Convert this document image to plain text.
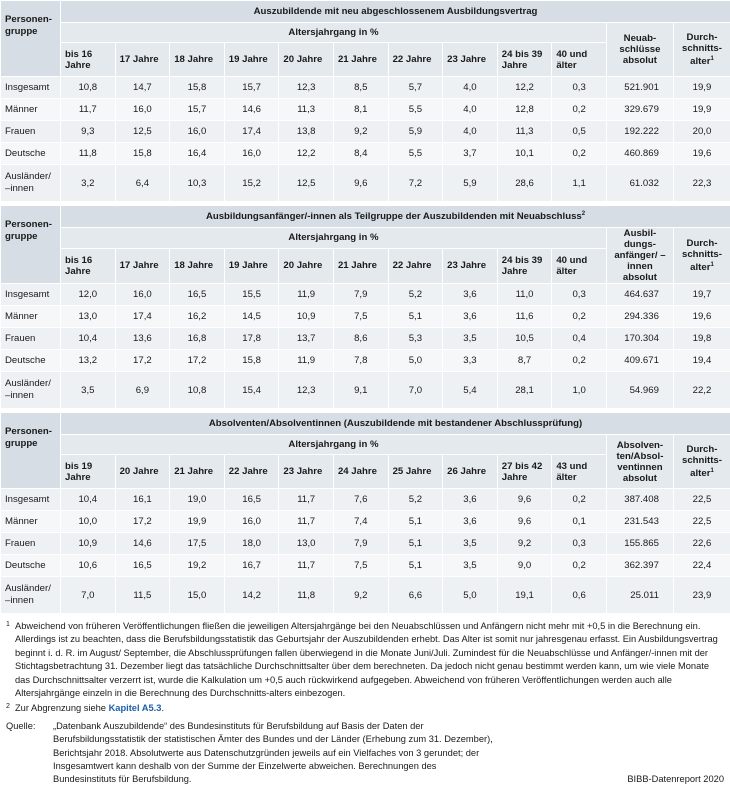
Personen-gruppe	Auszubildende mit neu abgeschlossenem Ausbildungsvertrag											
	Altersjahrgang in %										Neuab-schlüsse absolut	Durch-schnitts-alter$^1$
	bis 16 Jahre	17 Jahre	18 Jahre	19 Jahre	20 Jahre	21 Jahre	22 Jahre	23 Jahre	24 bis 39 Jahre	40 und älter		
Insgesamt	10,8	14,7	15,8	15,7	12,3	8,5	5,7	4,0	12,2	0,3	521.901	19,9
Männer	11,7	16,0	15,7	14,6	11,3	8,1	5,5	4,0	12,8	0,2	329.679	19,9
Frauen	9,3	12,5	16,0	17,4	13,8	9,2	5,9	4,0	11,3	0,5	192.222	20,0
Deutsche	11,8	15,8	16,4	16,0	12,2	8,4	5,5	3,7	10,1	0,2	460.869	19,6
Ausländer/ –innen	3,2	6,4	10,3	15,2	12,5	9,6	7,2	5,9	28,6	1,1	61.032	22,3

Personen-gruppe	Ausbildungsanfänger/-innen als Teilgruppe der Auszubildenden mit Neuabschluss$^2$
	Altersjahrgang in %										Ausbil-dungs-anfänger/ –innen absolut	Durch-schnitts-alter$^1$
	bis 16 Jahre	17 Jahre	18 Jahre	19 Jahre	20 Jahre	21 Jahre	22 Jahre	23 Jahre	24 bis 39 Jahre	40 und älter		
Insgesamt	12,0	16,0	16,5	15,5	11,9	7,9	5,2	3,6	11,0	0,3	464.637	19,7
Männer	13,0	17,4	16,2	14,5	10,9	7,5	5,1	3,6	11,6	0,2	294.336	19,6
Frauen	10,4	13,6	16,8	17,8	13,7	8,6	5,3	3,5	10,5	0,4	170.304	19,8
Deutsche	13,2	17,2	17,2	15,8	11,9	7,8	5,0	3,3	8,7	0,2	409.671	19,4
Ausländer/ –innen	3,5	6,9	10,8	15,4	12,3	9,1	7,0	5,4	28,1	1,0	54.969	22,2

Personen-gruppe	Absolventen/Absolventinnen (Auszubildende mit bestandener Abschlussprüfung)											
	Altersjahrgang in %										Absolven-ten/Absol-ventinnen absolut	Durch-schnitts-alter$^1$
	bis 19 Jahre	20 Jahre	21 Jahre	22 Jahre	23 Jahre	24 Jahre	25 Jahre	26 Jahre	27 bis 42 Jahre	43 und älter		
Insgesamt	10,4	16,1	19,0	16,5	11,7	7,6	5,2	3,6	9,6	0,2	387.408	22,5
Männer	10,0	17,2	19,9	16,0	11,7	7,4	5,1	3,6	9,6	0,1	231.543	22,5
Frauen	10,9	14,6	17,5	18,0	13,0	7,9	5,1	3,5	9,2	0,3	155.865	22,6
Deutsche	10,6	16,5	19,2	16,7	11,7	7,5	5,1	3,5	9,0	0,2	362.397	22,4
Ausländer/ –innen	7,0	11,5	15,0	14,2	11,8	9,2	6,6	5,0	19,1	0,6	25.011	23,9
1 Abweichend von früheren Veröffentlichungen fließen die jeweiligen Altersjahrgänge bei den Neuabschlüssen und Anfängern nicht mehr mit +0,5 in die Berechnung ein. Allerdings ist zu beachten, dass die Berufsbildungsstatistik das Geburtsjahr der Auszubildenden erhebt. Das Alter ist somit nur jahresgenau erfasst. Ein Ausbildungsvertrag beginnt i. d. R. im August/ September, die Abschlussprüfungen fallen überwiegend in die Monate Juni/Juli. Zumindest für die Neuabschlüsse und Anfänger/-innen mit der Stichtagsbetrachtung 31. Dezember liegt das tatsächliche Durchschnittsalter über dem berechneten. Da jedoch nicht genau bestimmt werden kann, um wie viele Monate das Durchschnittsalter verzerrt ist, wurde die Kalkulation um +0,5 auch rückwirkend aufgegeben. Abweichend von früheren Veröffentlichungen werden auch alle Altersjahrgänge einzeln in die Berechnung des Durchschnitts-alters einbezogen.
2 Zur Abgrenzung siehe Kapitel A5.3.
Quelle:	„Datenbank Auszubildende“ des Bundesinstituts für Berufsbildung auf Basis der Daten der Berufsbildungsstatistik der statistischen Ämter des Bundes und der Länder (Erhebung zum 31. Dezember), Berichtsjahr 2018. Absolutwerte aus Datenschutzgründen jeweils auf ein Vielfaches von 3 gerundet; der Insgesamtwert kann deshalb von der Summe der Einzelwerte abweichen. Berechnungen des Bundesinstituts für Berufsbildung.	BIBB-Datenreport 2020
